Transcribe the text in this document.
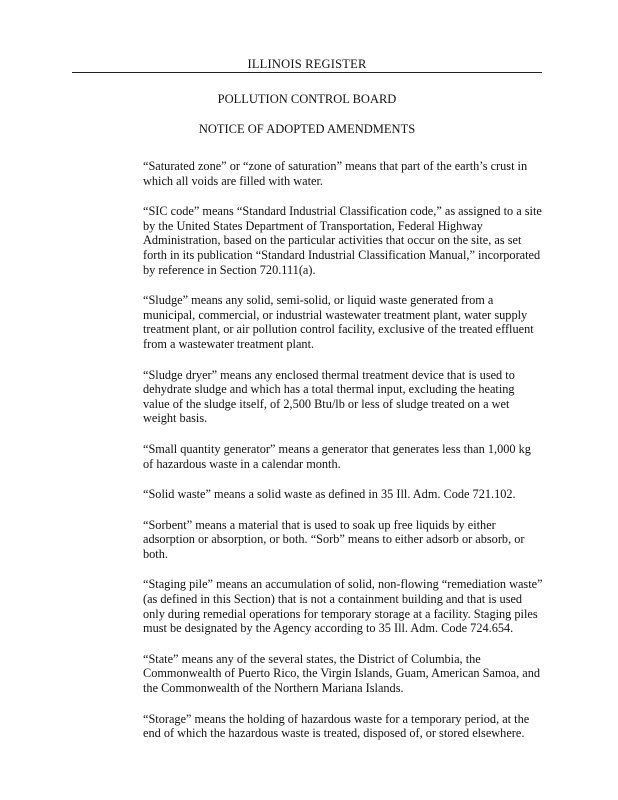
ILLINOIS REGISTER
POLLUTION CONTROL BOARD
NOTICE OF ADOPTED AMENDMENTS

“Saturated zone” or “zone of saturation” means that part of the earth’s crust in which all voids are filled with water.

“SIC code” means “Standard Industrial Classification code,” as assigned to a site by the United States Department of Transportation, Federal Highway Administration, based on the particular activities that occur on the site, as set forth in its publication “Standard Industrial Classification Manual,” incorporated by reference in Section 720.111(a).

“Sludge” means any solid, semi-solid, or liquid waste generated from a municipal, commercial, or industrial wastewater treatment plant, water supply treatment plant, or air pollution control facility, exclusive of the treated effluent from a wastewater treatment plant.

“Sludge dryer” means any enclosed thermal treatment device that is used to dehydrate sludge and which has a total thermal input, excluding the heating value of the sludge itself, of 2,500 Btu/lb or less of sludge treated on a wet weight basis.

“Small quantity generator” means a generator that generates less than 1,000 kg of hazardous waste in a calendar month.

“Solid waste” means a solid waste as defined in 35 Ill. Adm. Code 721.102.

“Sorbent” means a material that is used to soak up free liquids by either adsorption or absorption, or both. “Sorb” means to either adsorb or absorb, or both.

“Staging pile” means an accumulation of solid, non-flowing “remediation waste” (as defined in this Section) that is not a containment building and that is used only during remedial operations for temporary storage at a facility. Staging piles must be designated by the Agency according to 35 Ill. Adm. Code 724.654.

“State” means any of the several states, the District of Columbia, the Commonwealth of Puerto Rico, the Virgin Islands, Guam, American Samoa, and the Commonwealth of the Northern Mariana Islands.

“Storage” means the holding of hazardous waste for a temporary period, at the end of which the hazardous waste is treated, disposed of, or stored elsewhere.
